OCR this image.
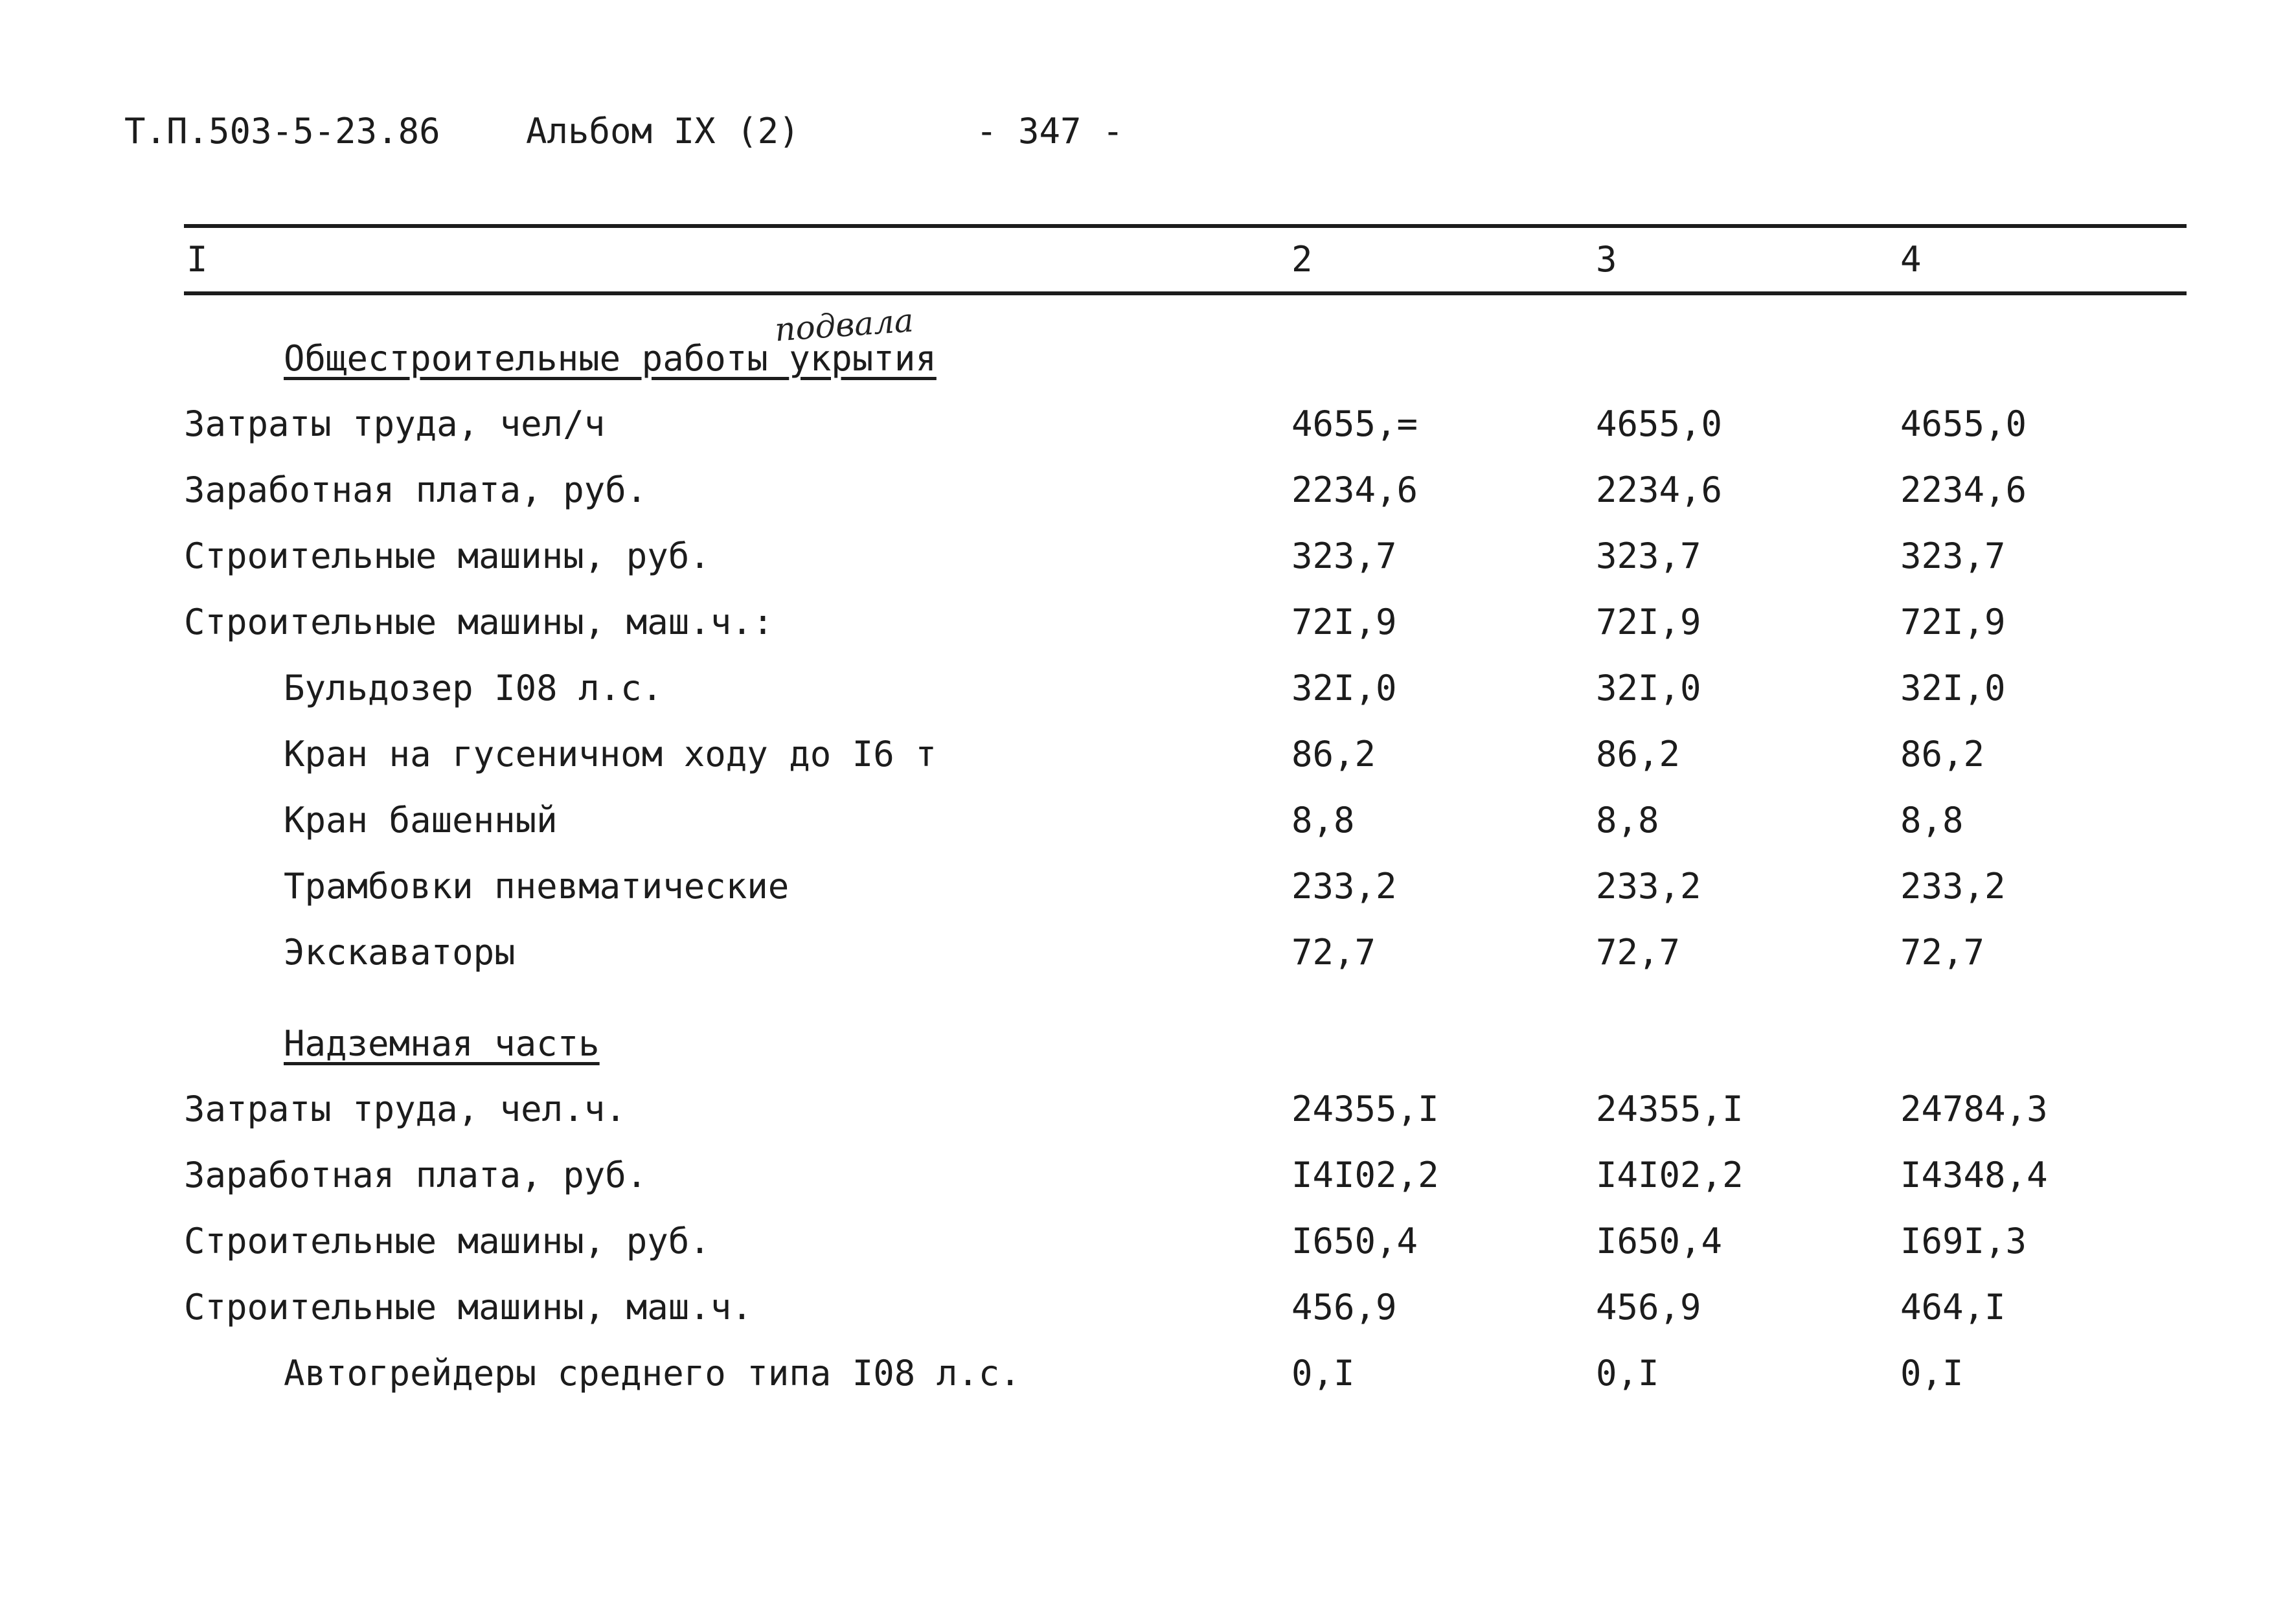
Т.П.503-5-23.86 Альбом IX (2)	- 347 -
I	2	3	4
Общестроительные работы укрытия
подвала
Затраты труда, чел/ч	4655,=	4655,0	4655,0
Заработная плата, руб.	2234,6	2234,6	2234,6
Строительные машины, руб.	323,7	323,7	323,7
Строительные машины, маш.ч.:	72I,9	72I,9	72I,9
Бульдозер I08 л.с.	32I,0	32I,0	32I,0
Кран на гусеничном ходу до I6 т	86,2	86,2	86,2
Кран башенный	8,8	8,8	8,8
Трамбовки пневматические	233,2	233,2	233,2
Экскаваторы	72,7	72,7	72,7
Надземная часть
Затраты труда, чел.ч.	24355,I	24355,I	24784,3
Заработная плата, руб.	I4I02,2	I4I02,2	I4348,4
Строительные машины, руб.	I650,4	I650,4	I69I,3
Строительные машины, маш.ч.	456,9	456,9	464,I
Автогрейдеры среднего типа I08 л.с.	0,I	0,I	0,I
